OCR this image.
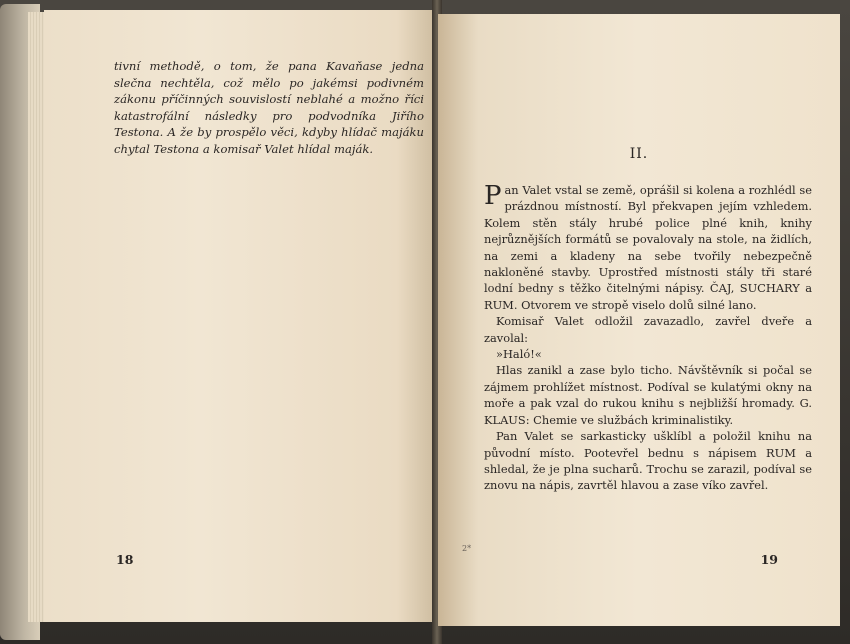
tivní methodě, o tom, že pana Kavaňase jedna slečna nechtěla, což mělo po jakémsi podivném zákonu příčinných souvislostí neblahé a možno říci katastrofální následky pro podvodníka Jiřího Testona. A že by prospělo věci, kdyby hlídač majáku chytal Testona a komisař Valet hlídal maják.

18
II.

Pan Valet vstal se země, oprášil si kolena a rozhlédl se prázdnou místností. Byl překvapen jejím vzhledem. Kolem stěn stály hrubé police plné knih, knihy nejrůznějších formátů se povalovaly na stole, na židlích, na zemi a kladeny na sebe tvořily nebezpečně nakloněné stavby. Uprostřed místnosti stály tři staré lodní bedny s těžko čitelnými nápisy. ČAJ, SUCHARY a RUM. Otvorem ve stropě viselo dolů silné lano.

Komisař Valet odložil zavazadlo, zavřel dveře a zavolal:

»Haló!«

Hlas zanikl a zase bylo ticho. Návštěvník si počal se zájmem prohlížet místnost. Podíval se kulatými okny na moře a pak vzal do rukou knihu s nejbližší hromady. G. KLAUS: Chemie ve službách kriminalistiky.

Pan Valet se sarkasticky ušklíbl a položil knihu na původní místo. Pootevřel bednu s nápisem RUM a shledal, že je plna sucharů. Trochu se zarazil, podíval se znovu na nápis, zavrtěl hlavou a zase víko zavřel.

2*
19
